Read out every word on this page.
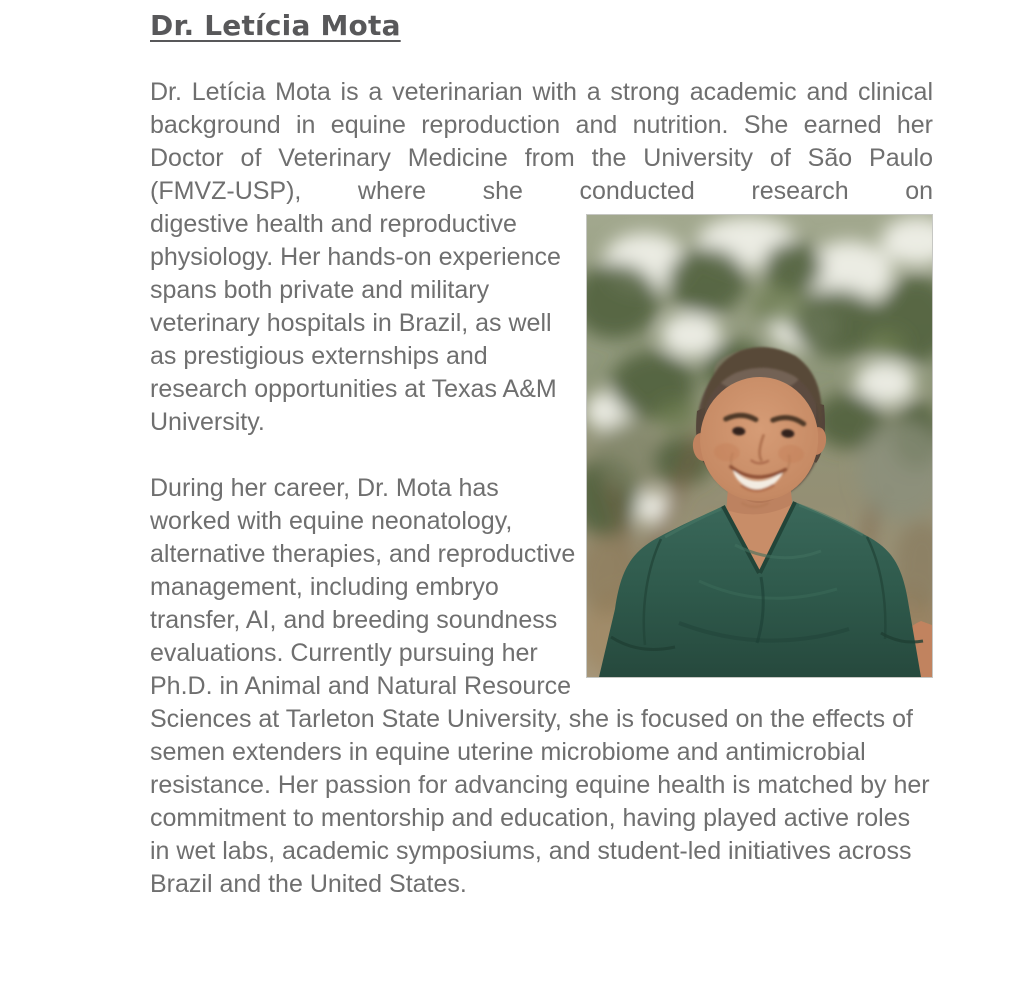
Dr. Letícia Mota

Dr. Letícia Mota is a veterinarian with a strong academic and clinical background in equine reproduction and nutrition. She earned her Doctor of Veterinary Medicine from the University of São Paulo (FMVZ-USP), where she conducted research on

digestive health and reproductive physiology. Her hands-on experience spans both private and military veterinary hospitals in Brazil, as well as prestigious externships and research opportunities at Texas A&M University.

During her career, Dr. Mota has worked with equine neonatology, alternative therapies, and reproductive management, including embryo transfer, AI, and breeding soundness evaluations. Currently pursuing her Ph.D. in Animal and Natural Resource Sciences at Tarleton State University, she is focused on the effects of semen extenders in equine uterine microbiome and antimicrobial resistance. Her passion for advancing equine health is matched by her commitment to mentorship and education, having played active roles in wet labs, academic symposiums, and student-led initiatives across Brazil and the United States.
